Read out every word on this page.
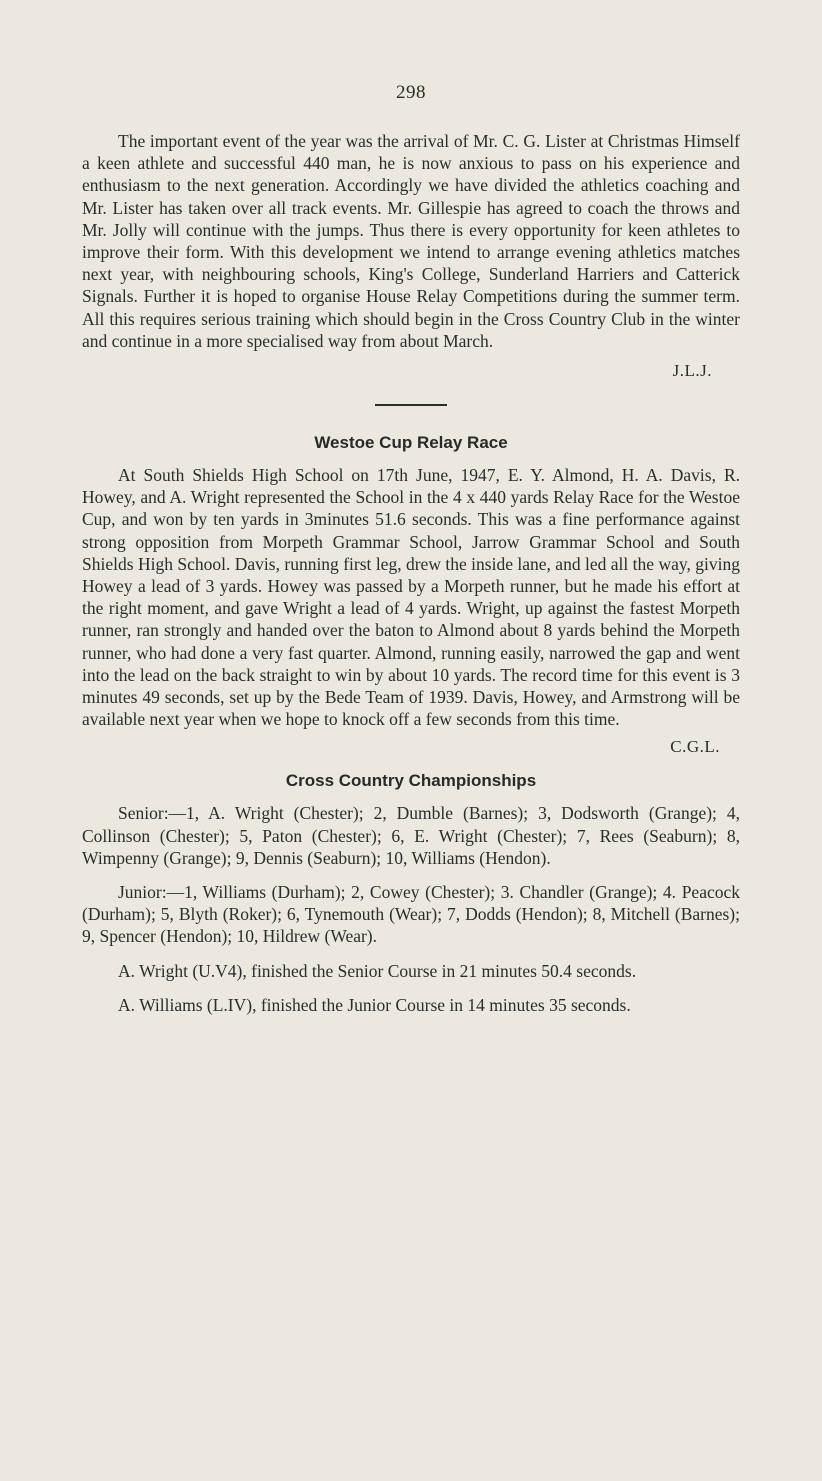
298

The important event of the year was the arrival of Mr. C. G. Lister at Christmas Himself a keen athlete and successful 440 man, he is now anxious to pass on his experience and enthusiasm to the next generation. Accordingly we have divided the athletics coaching and Mr. Lister has taken over all track events. Mr. Gillespie has agreed to coach the throws and Mr. Jolly will continue with the jumps. Thus there is every opportunity for keen athletes to improve their form. With this development we intend to arrange evening athletics matches next year, with neighbouring schools, King's College, Sunderland Harriers and Catterick Signals. Further it is hoped to organise House Relay Competitions during the summer term. All this requires serious training which should begin in the Cross Country Club in the winter and continue in a more specialised way from about March.

J.L.J.
Westoe Cup Relay Race

At South Shields High School on 17th June, 1947, E. Y. Almond, H. A. Davis, R. Howey, and A. Wright represented the School in the 4 x 440 yards Relay Race for the Westoe Cup, and won by ten yards in 3minutes 51.6 seconds. This was a fine performance against strong opposition from Morpeth Grammar School, Jarrow Grammar School and South Shields High School. Davis, running first leg, drew the inside lane, and led all the way, giving Howey a lead of 3 yards. Howey was passed by a Morpeth runner, but he made his effort at the right moment, and gave Wright a lead of 4 yards. Wright, up against the fastest Morpeth runner, ran strongly and handed over the baton to Almond about 8 yards behind the Morpeth runner, who had done a very fast quarter. Almond, running easily, narrowed the gap and went into the lead on the back straight to win by about 10 yards. The record time for this event is 3 minutes 49 seconds, set up by the Bede Team of 1939. Davis, Howey, and Armstrong will be available next year when we hope to knock off a few seconds from this time.

C.G.L.
Cross Country Championships

Senior:—1, A. Wright (Chester); 2, Dumble (Barnes); 3, Dodsworth (Grange); 4, Collinson (Chester); 5, Paton (Chester); 6, E. Wright (Chester); 7, Rees (Seaburn); 8, Wimpenny (Grange); 9, Dennis (Seaburn); 10, Williams (Hendon).

Junior:—1, Williams (Durham); 2, Cowey (Chester); 3. Chandler (Grange); 4. Peacock (Durham); 5, Blyth (Roker); 6, Tynemouth (Wear); 7, Dodds (Hendon); 8, Mitchell (Barnes); 9, Spencer (Hendon); 10, Hildrew (Wear).

A. Wright (U.V4), finished the Senior Course in 21 minutes 50.4 seconds.

A. Williams (L.IV), finished the Junior Course in 14 minutes 35 seconds.
